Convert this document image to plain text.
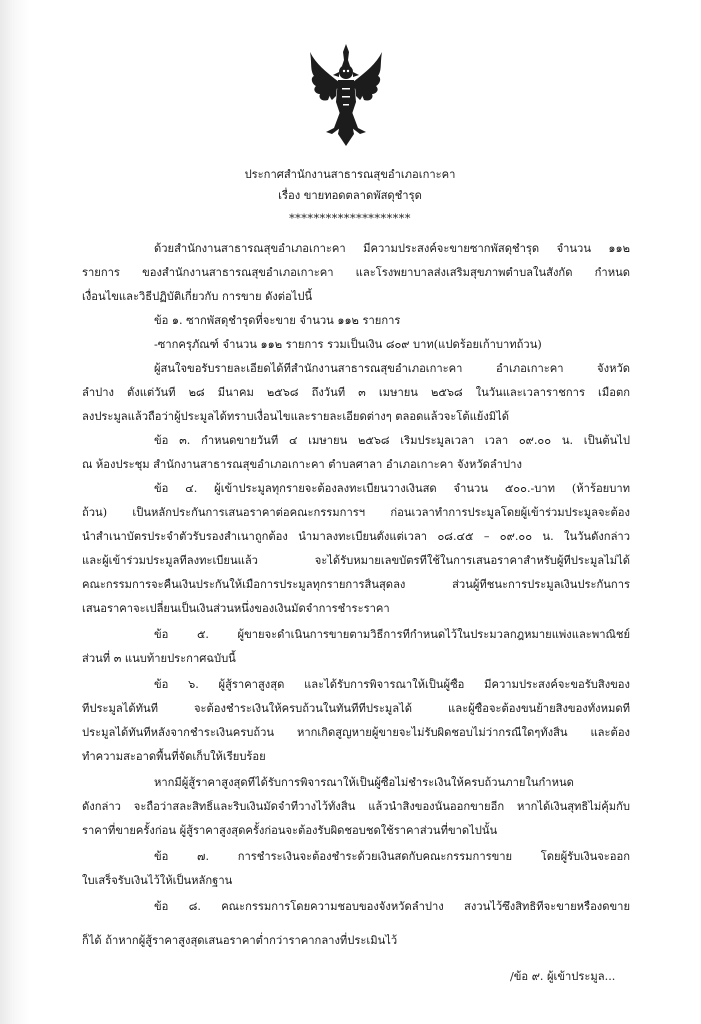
ประกาศสำนักงานสาธารณสุขอำเภอเกาะคา
เรื่อง ขายทอดตลาดพัสดุชำรุด
********************
ด้วยสำนักงานสาธารณสุขอำเภอเกาะคา มีความประสงค์จะขายซากพัสดุชำรุด จำนวน ๑๑๒
รายการ ของสำนักงานสาธารณสุขอำเภอเกาะคา และโรงพยาบาลส่งเสริมสุขภาพตำบลในสังกัด กำหนด
เงื่อนไขและวิธีปฏิบัติเกี่ยวกับ การขาย ดังต่อไปนี้
ข้อ ๑. ซากพัสดุชำรุดที่จะขาย จำนวน ๑๑๒ รายการ
-ซากครุภัณฑ์ จำนวน ๑๑๒ รายการ รวมเป็นเงิน ๘๐๙ บาท(แปดร้อยเก้าบาทถ้วน)
ผู้สนใจขอรับรายละเอียดได้ที่สำนักงานสาธารณสุขอำเภอเกาะคา อำเภอเกาะคา จังหวัด
ลำปาง ตั้งแต่วันที่ ๒๘ มีนาคม ๒๕๖๘ ถึงวันที่ ๓ เมษายน ๒๕๖๘ ในวันและเวลาราชการ เมื่อตก
ลงประมูลแล้วถือว่าผู้ประมูลได้ทราบเงื่อนไขและรายละเอียดต่างๆ ตลอดแล้วจะโต้แย้งมิได้
ข้อ ๓. กำหนดขายวันที่ ๔ เมษายน ๒๕๖๘ เริ่มประมูลเวลา เวลา ๐๙.๐๐ น. เป็นต้นไป
ณ ห้องประชุม สำนักงานสาธารณสุขอำเภอเกาะคา ตำบลศาลา อำเภอเกาะคา จังหวัดลำปาง
ข้อ ๔. ผู้เข้าประมูลทุกรายจะต้องลงทะเบียนวางเงินสด จำนวน ๕๐๐.-บาท (ห้าร้อยบาท
ถ้วน) เป็นหลักประกันการเสนอราคาต่อคณะกรรมการฯ ก่อนเวลาทำการประมูลโดยผู้เข้าร่วมประมูลจะต้อง
นำสำเนาบัตรประจำตัวรับรองสำเนาถูกต้อง นำมาลงทะเบียนตั้งแต่เวลา ๐๘.๔๕ – ๐๙.๐๐ น. ในวันดังกล่าว
และผู้เข้าร่วมประมูลที่ลงทะเบียนแล้ว จะได้รับหมายเลขบัตรที่ใช้ในการเสนอราคาสำหรับผู้ที่ประมูลไม่ได้
คณะกรรมการจะคืนเงินประกันให้เมื่อการประมูลทุกรายการสิ้นสุดลง ส่วนผู้ที่ชนะการประมูลเงินประกันการ
เสนอราคาจะเปลี่ยนเป็นเงินส่วนหนึ่งของเงินมัดจำการชำระราคา
ข้อ ๕. ผู้ขายจะดำเนินการขายตามวิธีการที่กำหนดไว้ในประมวลกฎหมายแพ่งและพาณิชย์
ส่วนที่ ๓ แนบท้ายประกาศฉบับนี้
ข้อ ๖. ผู้สู้ราคาสูงสุด และได้รับการพิจารณาให้เป็นผู้ซื้อ มีความประสงค์จะขอรับสิ่งของ
ที่ประมูลได้ทันที จะต้องชำระเงินให้ครบถ้วนในทันทีที่ประมูลได้ และผู้ซื้อจะต้องขนย้ายสิ่งของทั้งหมดที่
ประมูลได้ทันทีหลังจากชำระเงินครบถ้วน หากเกิดสูญหายผู้ขายจะไม่รับผิดชอบไม่ว่ากรณีใดๆทั้งสิ้น และต้อง
ทำความสะอาดพื้นที่จัดเก็บให้เรียบร้อย
หากมีผู้สู้ราคาสูงสุดที่ได้รับการพิจารณาให้เป็นผู้ซื้อไม่ชำระเงินให้ครบถ้วนภายในกำหนด
ดังกล่าว จะถือว่าสละสิทธิ์และริบเงินมัดจำที่วางไว้ทั้งสิ้น แล้วนำสิ่งของนั้นออกขายอีก หากได้เงินสุทธิไม่คุ้มกับ
ราคาที่ขายครั้งก่อน ผู้สู้ราคาสูงสุดครั้งก่อนจะต้องรับผิดชอบชดใช้ราคาส่วนที่ขาดไปนั้น
ข้อ ๗. การชำระเงินจะต้องชำระด้วยเงินสดกับคณะกรรมการขาย โดยผู้รับเงินจะออก
ใบเสร็จรับเงินไว้ให้เป็นหลักฐาน
ข้อ ๘. คณะกรรมการโดยความชอบของจังหวัดลำปาง สงวนไว้ซึ่งสิทธิที่จะขายหรืองดขาย
ก็ได้ ถ้าหากผู้สู้ราคาสูงสุดเสนอราคาต่ำกว่าราคากลางที่ประเมินไว้
/ข้อ ๙. ผู้เข้าประมูล...
